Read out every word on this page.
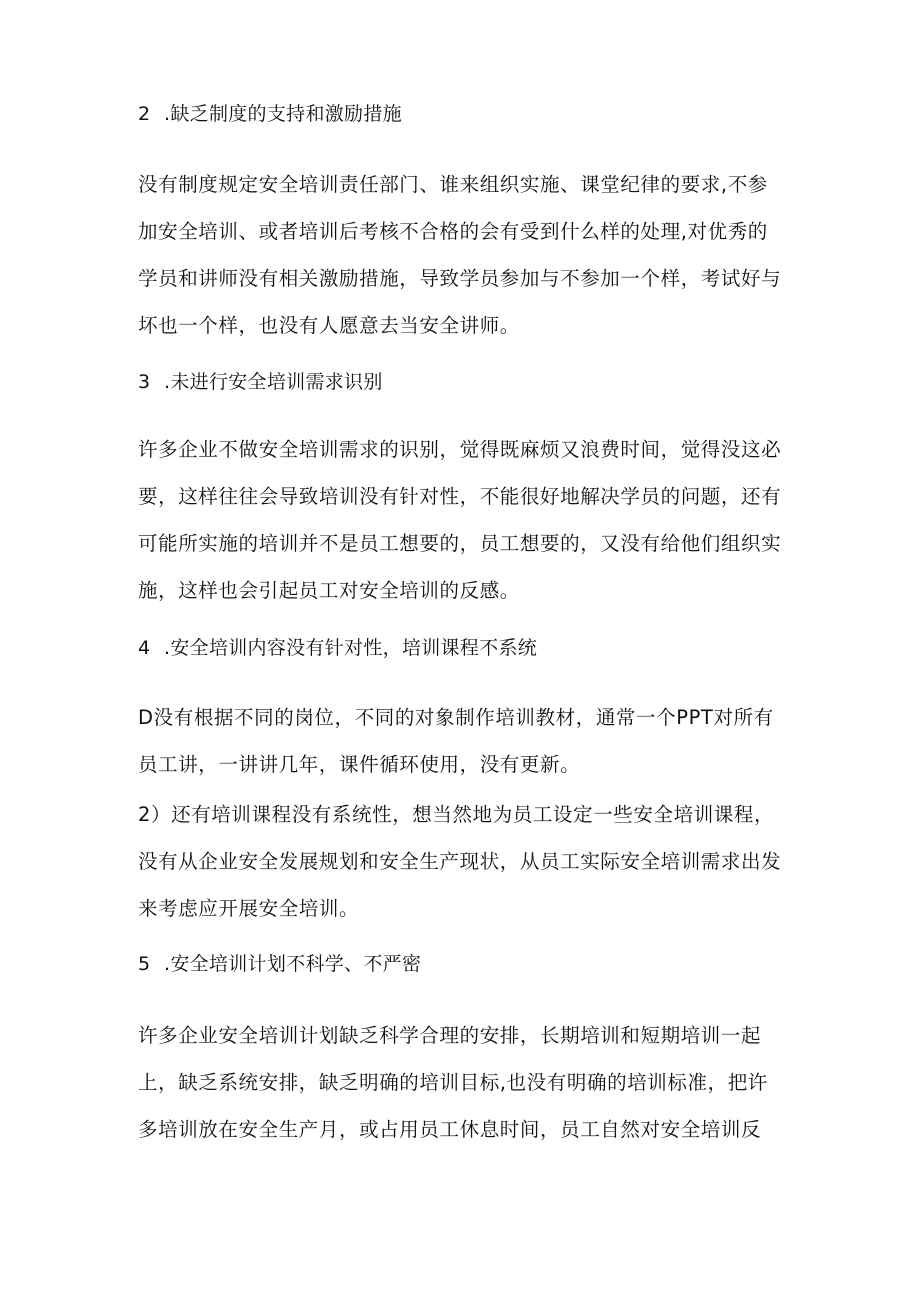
2 .缺乏制度的支持和激励措施
没有制度规定安全培训责任部门、谁来组织实施、课堂纪律的要求,不参
加安全培训、或者培训后考核不合格的会有受到什么样的处理,对优秀的
学员和讲师没有相关激励措施，导致学员参加与不参加一个样，考试好与
坏也一个样，也没有人愿意去当安全讲师。
3 .未进行安全培训需求识别
许多企业不做安全培训需求的识别，觉得既麻烦又浪费时间，觉得没这必
要，这样往往会导致培训没有针对性，不能很好地解决学员的问题，还有
可能所实施的培训并不是员工想要的，员工想要的，又没有给他们组织实
施，这样也会引起员工对安全培训的反感。
4 .安全培训内容没有针对性，培训课程不系统
D没有根据不同的岗位，不同的对象制作培训教材，通常一个PPT对所有
员工讲，一讲讲几年，课件循环使用，没有更新。
2）还有培训课程没有系统性，想当然地为员工设定一些安全培训课程，
没有从企业安全发展规划和安全生产现状，从员工实际安全培训需求出发
来考虑应开展安全培训。
5 .安全培训计划不科学、不严密
许多企业安全培训计划缺乏科学合理的安排，长期培训和短期培训一起
上，缺乏系统安排，缺乏明确的培训目标,也没有明确的培训标准，把许
多培训放在安全生产月，或占用员工休息时间，员工自然对安全培训反
